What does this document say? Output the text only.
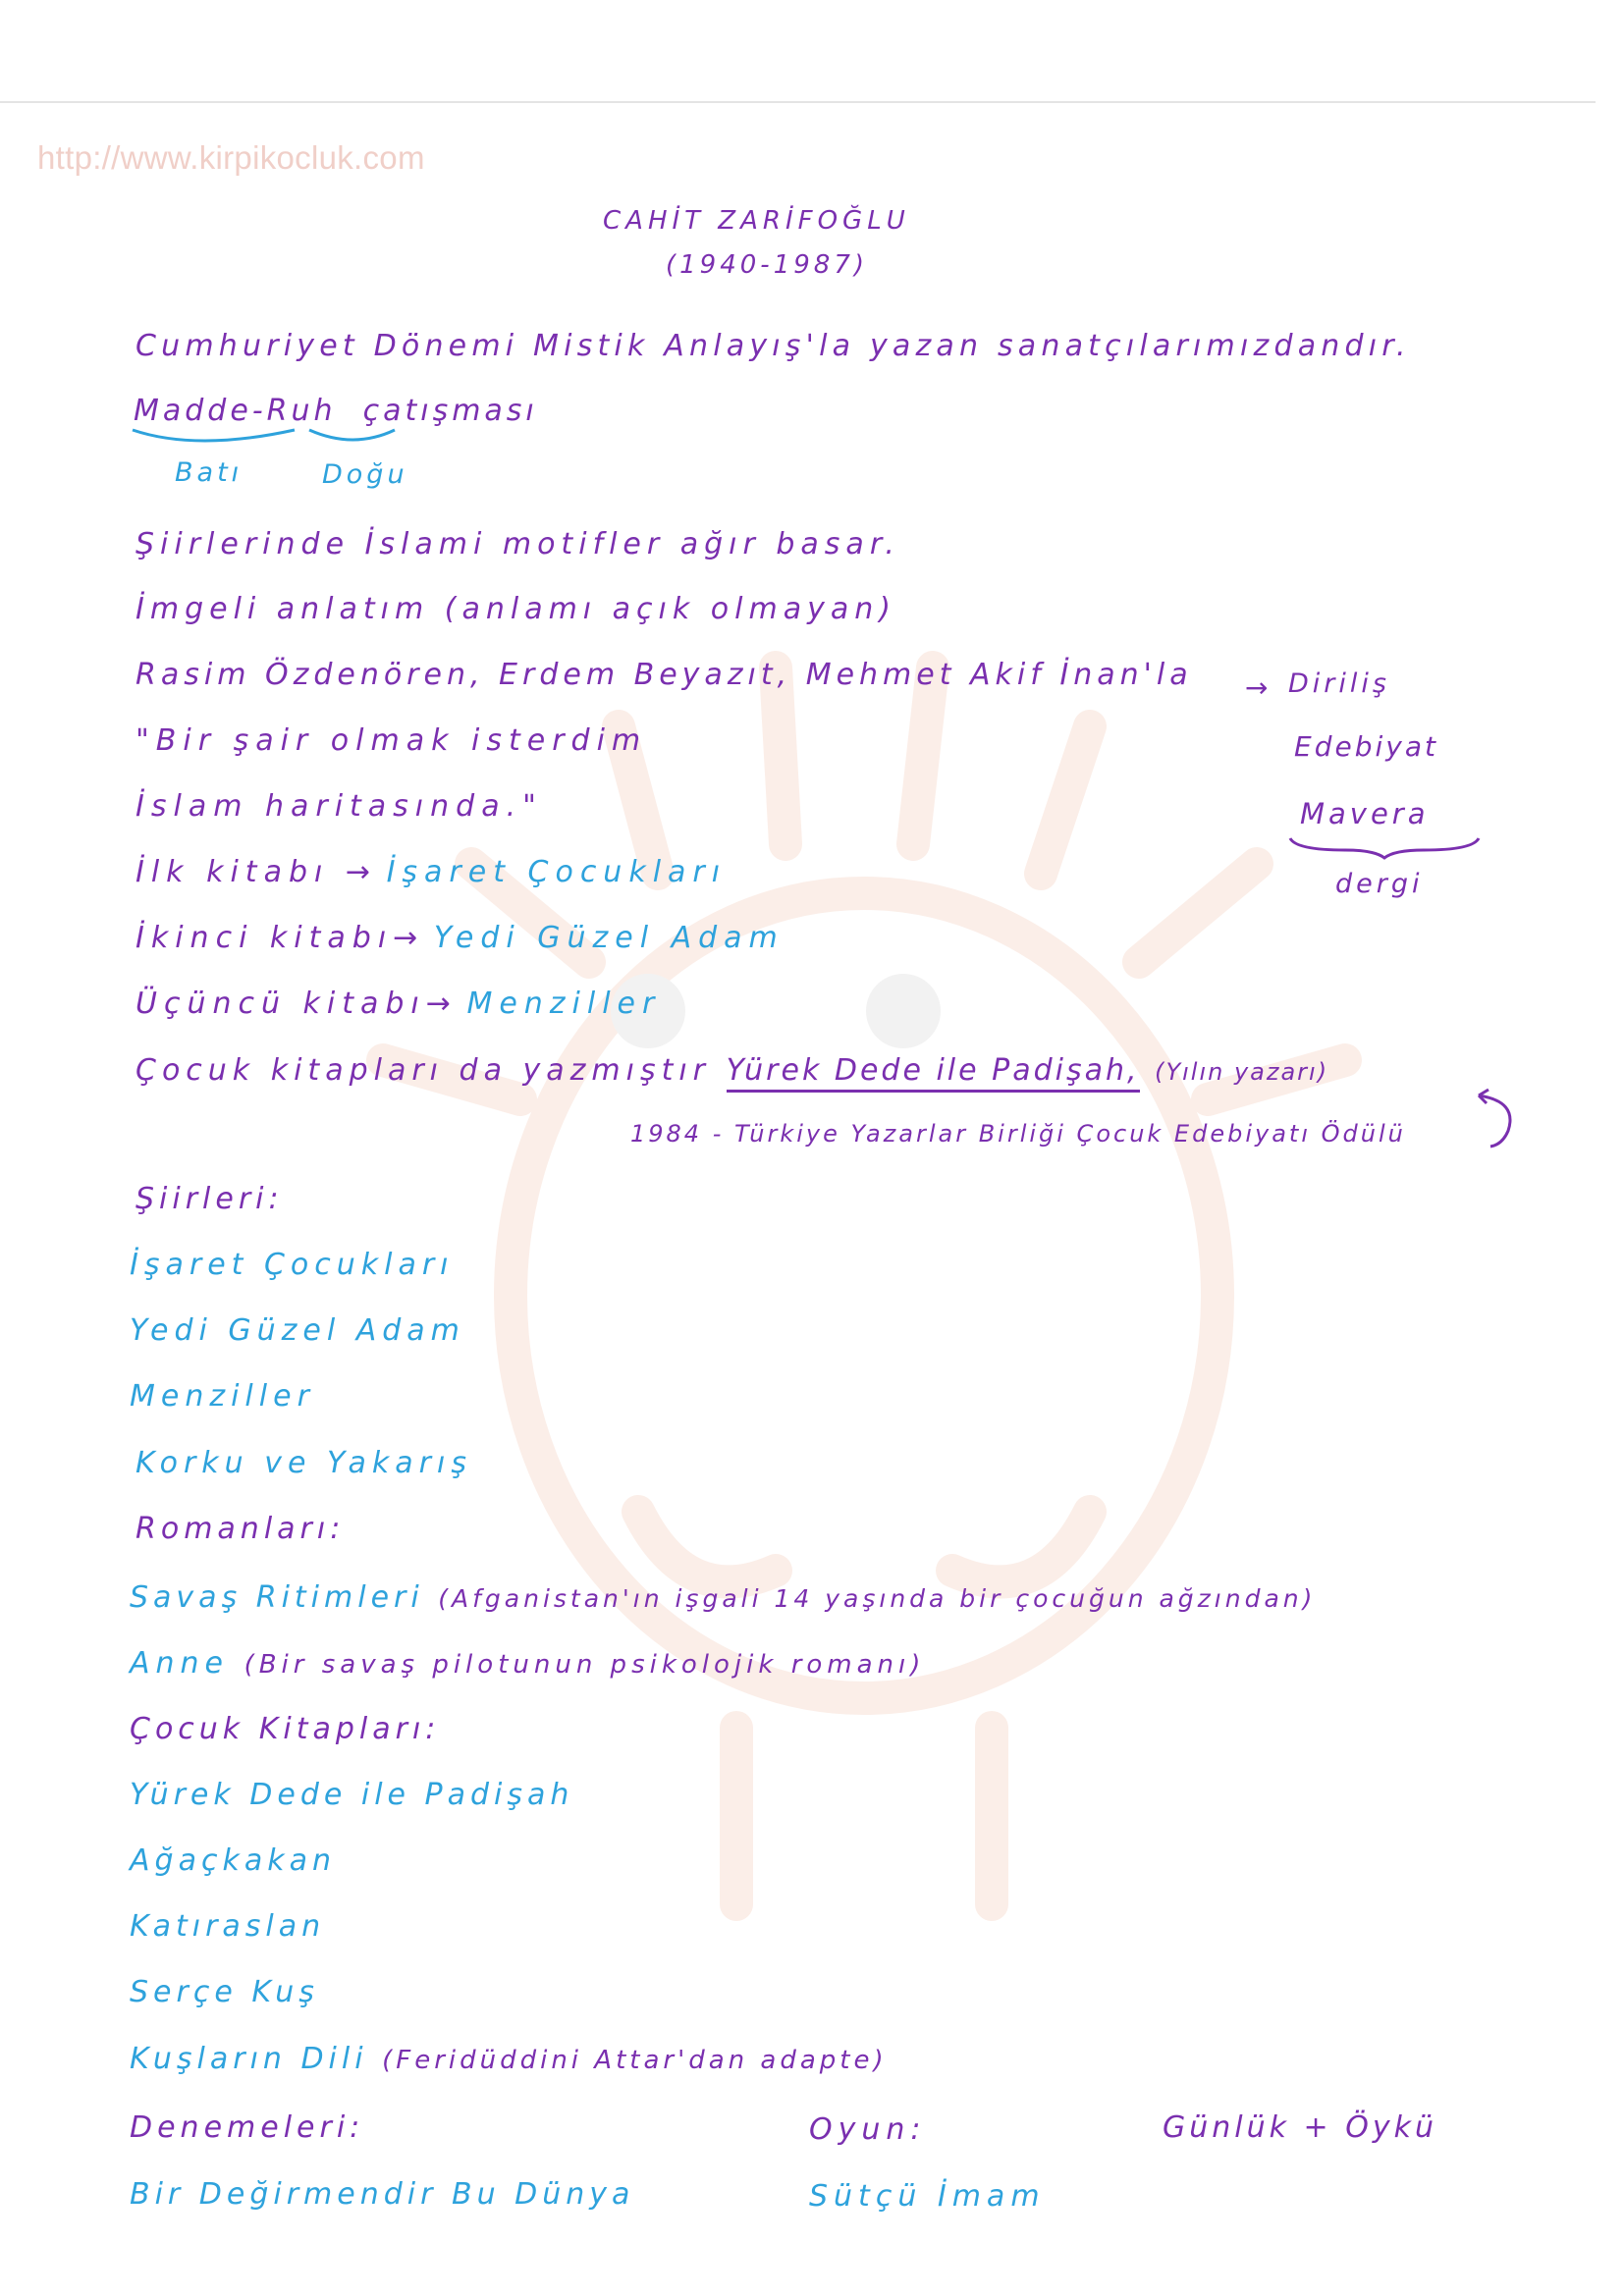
http://www.kirpikocluk.com
CAHİT ZARİFOĞLU
(1940-1987)
Cumhuriyet Dönemi Mistik Anlayış'la yazan sanatçılarımızdandır.
Madde-Ruh çatışması
Batı	Doğu
Şiirlerinde İslami motifler ağır basar.
İmgeli anlatım (anlamı açık olmayan)
Rasim Özdenören, Erdem Beyazıt, Mehmet Akif İnan'la → Diriliş
Edebiyat
Mavera
dergi
"Bir şair olmak isterdim
İslam haritasında."
İlk kitabı → İşaret Çocukları
İkinci kitabı→ Yedi Güzel Adam
Üçüncü kitabı→ Menziller
Çocuk kitapları da yazmıştır Yürek Dede ile Padişah, (Yılın yazarı)
1984 - Türkiye Yazarlar Birliği Çocuk Edebiyatı Ödülü
Şiirleri:
İşaret Çocukları
Yedi Güzel Adam
Menziller
Korku ve Yakarış
Romanları:
Savaş Ritimleri (Afganistan'ın işgali 14 yaşında bir çocuğun ağzından)
Anne (Bir savaş pilotunun psikolojik romanı)
Çocuk Kitapları:
Yürek Dede ile Padişah
Ağaçkakan
Katıraslan
Serçe Kuş
Kuşların Dili (Feridüddini Attar'dan adapte)
Denemeleri:	Oyun:	Günlük + Öykü
Bir Değirmendir Bu Dünya	Sütçü İmam
